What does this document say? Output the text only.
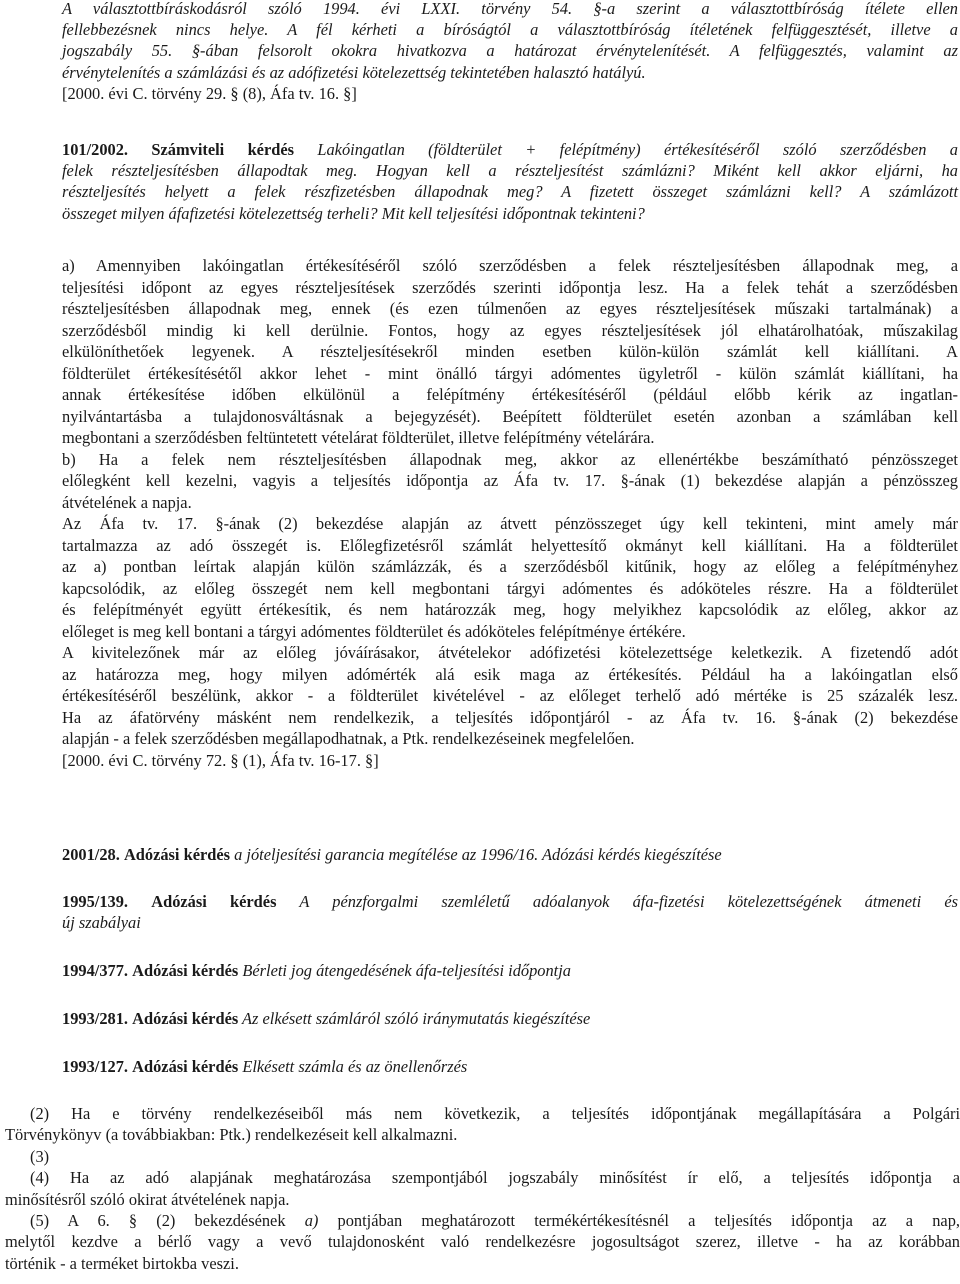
A választottbíráskodásról szóló 1994. évi LXXI. törvény 54. §-a szerint a választottbíróság ítélete ellen
fellebbezésnek nincs helye. A fél kérheti a bíróságtól a választottbíróság ítéletének felfüggesztését, illetve a
jogszabály 55. §-ában felsorolt okokra hivatkozva a határozat érvénytelenítését. A felfüggesztés, valamint az
érvénytelenítés a számlázási és az adófizetési kötelezettség tekintetében halasztó hatályú.
[2000. évi C. törvény 29. § (8), Áfa tv. 16. §]
101/2002. Számviteli kérdés Lakóingatlan (földterület + felépítmény) értékesítéséről szóló szerződésben a
felek részteljesítésben állapodtak meg. Hogyan kell a részteljesítést számlázni? Miként kell akkor eljárni, ha
részteljesítés helyett a felek részfizetésben állapodnak meg? A fizetett összeget számlázni kell? A számlázott
összeget milyen áfafizetési kötelezettség terheli? Mit kell teljesítési időpontnak tekinteni?
a) Amennyiben lakóingatlan értékesítéséről szóló szerződésben a felek részteljesítésben állapodnak meg, a
teljesítési időpont az egyes részteljesítések szerződés szerinti időpontja lesz. Ha a felek tehát a szerződésben
részteljesítésben állapodnak meg, ennek (és ezen túlmenően az egyes részteljesítések műszaki tartalmának) a
szerződésből mindig ki kell derülnie. Fontos, hogy az egyes részteljesítések jól elhatárolhatóak, műszakilag
elkülöníthetőek legyenek. A részteljesítésekről minden esetben külön-külön számlát kell kiállítani. A
földterület értékesítésétől akkor lehet - mint önálló tárgyi adómentes ügyletről - külön számlát kiállítani, ha
annak értékesítése időben elkülönül a felépítmény értékesítéséről (például előbb kérik az ingatlan-
nyilvántartásba a tulajdonosváltásnak a bejegyzését). Beépített földterület esetén azonban a számlában kell
megbontani a szerződésben feltüntetett vételárat földterület, illetve felépítmény vételárára.
b) Ha a felek nem részteljesítésben állapodnak meg, akkor az ellenértékbe beszámítható pénzösszeget
előlegként kell kezelni, vagyis a teljesítés időpontja az Áfa tv. 17. §-ának (1) bekezdése alapján a pénzösszeg
átvételének a napja.
Az Áfa tv. 17. §-ának (2) bekezdése alapján az átvett pénzösszeget úgy kell tekinteni, mint amely már
tartalmazza az adó összegét is. Előlegfizetésről számlát helyettesítő okmányt kell kiállítani. Ha a földterület
az a) pontban leírtak alapján külön számlázzák, és a szerződésből kitűnik, hogy az előleg a felépítményhez
kapcsolódik, az előleg összegét nem kell megbontani tárgyi adómentes és adóköteles részre. Ha a földterület
és felépítményét együtt értékesítik, és nem határozzák meg, hogy melyikhez kapcsolódik az előleg, akkor az
előleget is meg kell bontani a tárgyi adómentes földterület és adóköteles felépítménye értékére.
A kivitelezőnek már az előleg jóváírásakor, átvételekor adófizetési kötelezettsége keletkezik. A fizetendő adót
az határozza meg, hogy milyen adómérték alá esik maga az értékesítés. Például ha a lakóingatlan első
értékesítéséről beszélünk, akkor - a földterület kivételével - az előleget terhelő adó mértéke is 25 százalék lesz.
Ha az áfatörvény másként nem rendelkezik, a teljesítés időpontjáról - az Áfa tv. 16. §-ának (2) bekezdése
alapján - a felek szerződésben megállapodhatnak, a Ptk. rendelkezéseinek megfelelően.
[2000. évi C. törvény 72. § (1), Áfa tv. 16-17. §]
2001/28. Adózási kérdés a jóteljesítési garancia megítélése az 1996/16. Adózási kérdés kiegészítése
1995/139. Adózási kérdés A pénzforgalmi szemléletű adóalanyok áfa-fizetési kötelezettségének átmeneti és
új szabályai
1994/377. Adózási kérdés Bérleti jog átengedésének áfa-teljesítési időpontja
1993/281. Adózási kérdés Az elkésett számláról szóló iránymutatás kiegészítése
1993/127. Adózási kérdés Elkésett számla és az önellenőrzés
(2) Ha e törvény rendelkezéseiből más nem következik, a teljesítés időpontjának megállapítására a Polgári
Törvénykönyv (a továbbiakban: Ptk.) rendelkezéseit kell alkalmazni.
(3)
(4) Ha az adó alapjának meghatározása szempontjából jogszabály minősítést ír elő, a teljesítés időpontja a
minősítésről szóló okirat átvételének napja.
(5) A 6. § (2) bekezdésének a) pontjában meghatározott termékértékesítésnél a teljesítés időpontja az a nap,
melytől kezdve a bérlő vagy a vevő tulajdonosként való rendelkezésre jogosultságot szerez, illetve - ha az korábban
történik - a terméket birtokba veszi.
